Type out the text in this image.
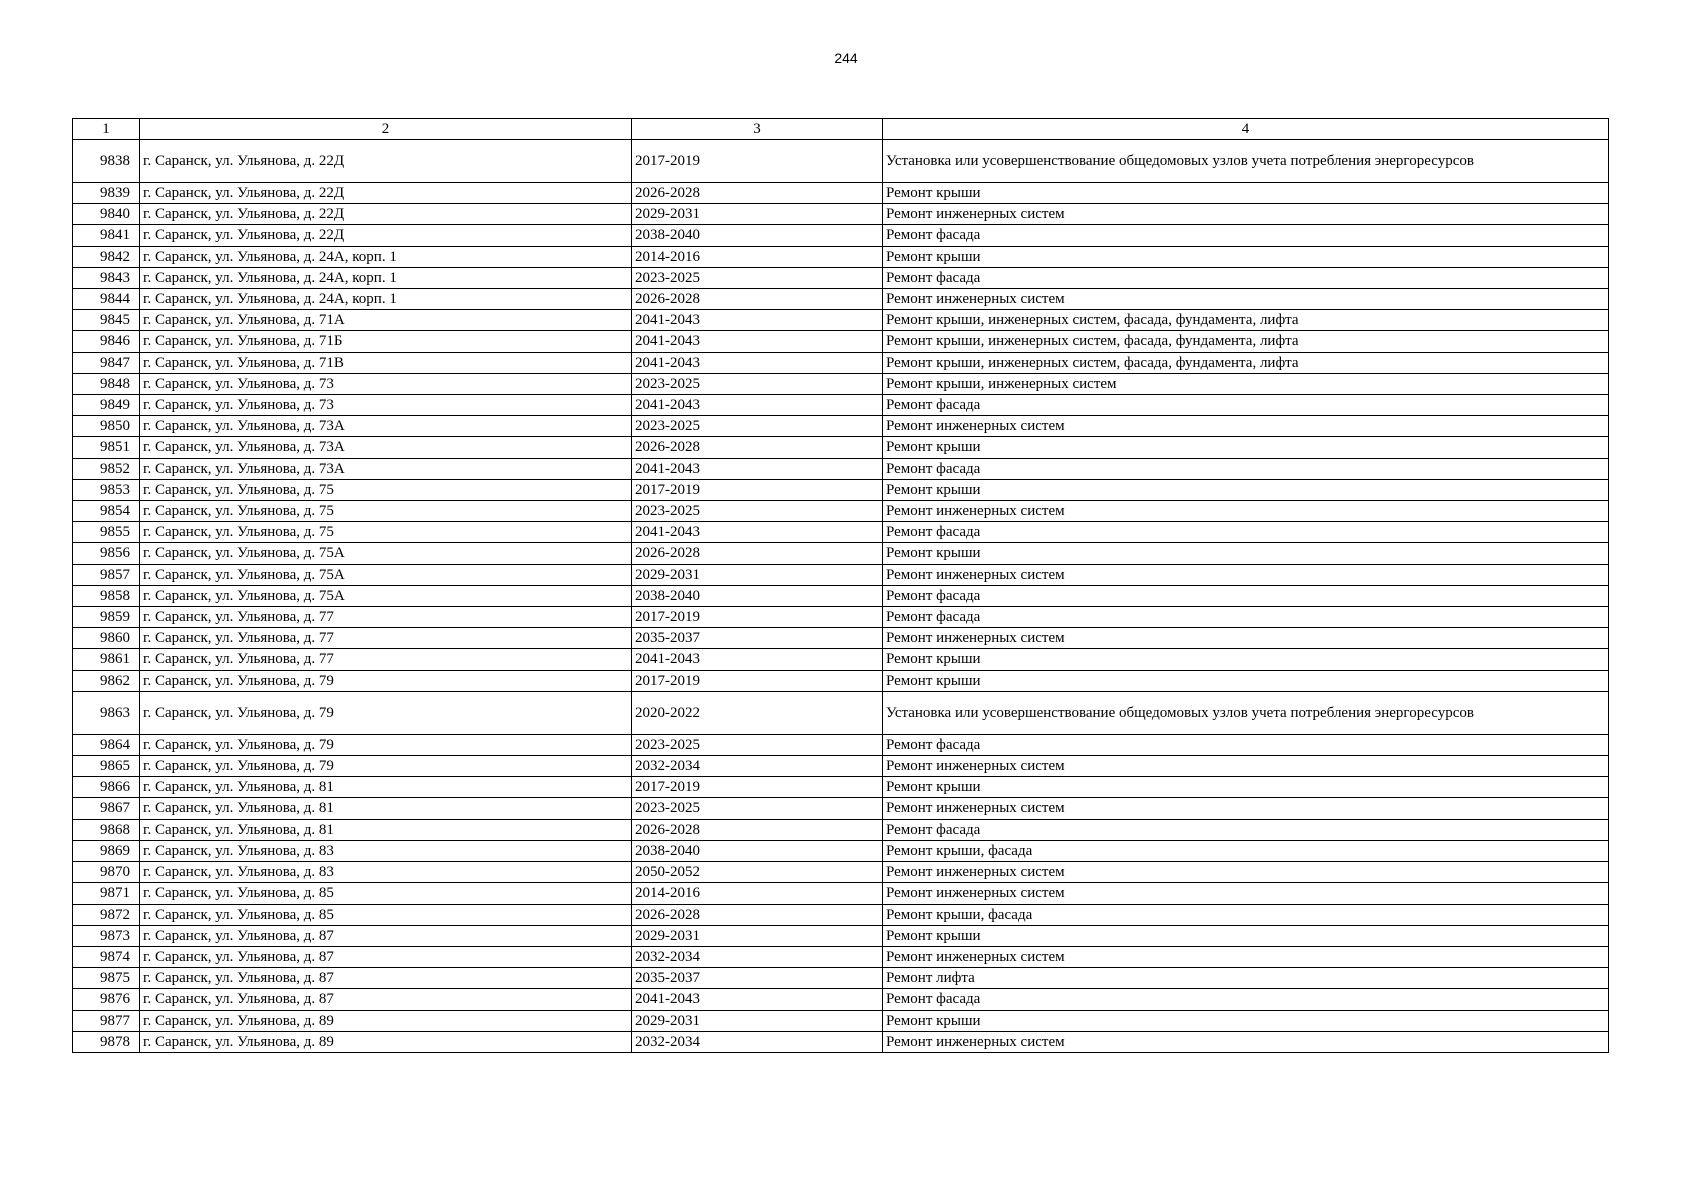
244
1	2	3	4
9838	г. Саранск, ул. Ульянова, д. 22Д	2017-2019	Установка или усовершенствование общедомовых узлов учета потребления энергоресурсов
9839	г. Саранск, ул. Ульянова, д. 22Д	2026-2028	Ремонт крыши
9840	г. Саранск, ул. Ульянова, д. 22Д	2029-2031	Ремонт инженерных систем
9841	г. Саранск, ул. Ульянова, д. 22Д	2038-2040	Ремонт фасада
9842	г. Саранск, ул. Ульянова, д. 24А, корп. 1	2014-2016	Ремонт крыши
9843	г. Саранск, ул. Ульянова, д. 24А, корп. 1	2023-2025	Ремонт фасада
9844	г. Саранск, ул. Ульянова, д. 24А, корп. 1	2026-2028	Ремонт инженерных систем
9845	г. Саранск, ул. Ульянова, д. 71А	2041-2043	Ремонт крыши, инженерных систем, фасада, фундамента, лифта
9846	г. Саранск, ул. Ульянова, д. 71Б	2041-2043	Ремонт крыши, инженерных систем, фасада, фундамента, лифта
9847	г. Саранск, ул. Ульянова, д. 71В	2041-2043	Ремонт крыши, инженерных систем, фасада, фундамента, лифта
9848	г. Саранск, ул. Ульянова, д. 73	2023-2025	Ремонт крыши, инженерных систем
9849	г. Саранск, ул. Ульянова, д. 73	2041-2043	Ремонт фасада
9850	г. Саранск, ул. Ульянова, д. 73А	2023-2025	Ремонт инженерных систем
9851	г. Саранск, ул. Ульянова, д. 73А	2026-2028	Ремонт крыши
9852	г. Саранск, ул. Ульянова, д. 73А	2041-2043	Ремонт фасада
9853	г. Саранск, ул. Ульянова, д. 75	2017-2019	Ремонт крыши
9854	г. Саранск, ул. Ульянова, д. 75	2023-2025	Ремонт инженерных систем
9855	г. Саранск, ул. Ульянова, д. 75	2041-2043	Ремонт фасада
9856	г. Саранск, ул. Ульянова, д. 75А	2026-2028	Ремонт крыши
9857	г. Саранск, ул. Ульянова, д. 75А	2029-2031	Ремонт инженерных систем
9858	г. Саранск, ул. Ульянова, д. 75А	2038-2040	Ремонт фасада
9859	г. Саранск, ул. Ульянова, д. 77	2017-2019	Ремонт фасада
9860	г. Саранск, ул. Ульянова, д. 77	2035-2037	Ремонт инженерных систем
9861	г. Саранск, ул. Ульянова, д. 77	2041-2043	Ремонт крыши
9862	г. Саранск, ул. Ульянова, д. 79	2017-2019	Ремонт крыши
9863	г. Саранск, ул. Ульянова, д. 79	2020-2022	Установка или усовершенствование общедомовых узлов учета потребления энергоресурсов
9864	г. Саранск, ул. Ульянова, д. 79	2023-2025	Ремонт фасада
9865	г. Саранск, ул. Ульянова, д. 79	2032-2034	Ремонт инженерных систем
9866	г. Саранск, ул. Ульянова, д. 81	2017-2019	Ремонт крыши
9867	г. Саранск, ул. Ульянова, д. 81	2023-2025	Ремонт инженерных систем
9868	г. Саранск, ул. Ульянова, д. 81	2026-2028	Ремонт фасада
9869	г. Саранск, ул. Ульянова, д. 83	2038-2040	Ремонт крыши, фасада
9870	г. Саранск, ул. Ульянова, д. 83	2050-2052	Ремонт инженерных систем
9871	г. Саранск, ул. Ульянова, д. 85	2014-2016	Ремонт инженерных систем
9872	г. Саранск, ул. Ульянова, д. 85	2026-2028	Ремонт крыши, фасада
9873	г. Саранск, ул. Ульянова, д. 87	2029-2031	Ремонт крыши
9874	г. Саранск, ул. Ульянова, д. 87	2032-2034	Ремонт инженерных систем
9875	г. Саранск, ул. Ульянова, д. 87	2035-2037	Ремонт лифта
9876	г. Саранск, ул. Ульянова, д. 87	2041-2043	Ремонт фасада
9877	г. Саранск, ул. Ульянова, д. 89	2029-2031	Ремонт крыши
9878	г. Саранск, ул. Ульянова, д. 89	2032-2034	Ремонт инженерных систем
